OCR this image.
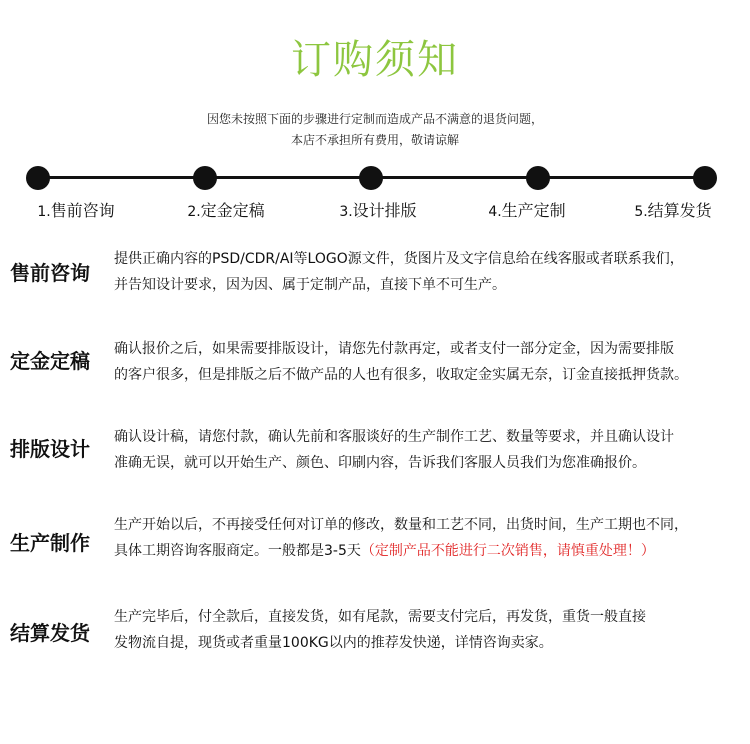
订购须知
因您未按照下面的步骤进行定制而造成产品不满意的退货问题，
本店不承担所有费用，敬请谅解
1.售前咨询	2.定金定稿	3.设计排版	4.生产定制	5.结算发货
售前咨询
提供正确内容的PSD/CDR/AI等LOGO源文件，货图片及文字信息给在线客服或者联系我们，
并告知设计要求，因为因、属于定制产品，直接下单不可生产。
定金定稿	确认报价之后，如果需要排版设计，请您先付款再定，或者支付一部分定金，因为需要排版
的客户很多，但是排版之后不做产品的人也有很多，收取定金实属无奈，订金直接抵押货款。
排版设计	确认设计稿，请您付款，确认先前和客服谈好的生产制作工艺、数量等要求，并且确认设计
准确无误，就可以开始生产、颜色、印刷内容，告诉我们客服人员我们为您准确报价。
生产制作
生产开始以后，不再接受任何对订单的修改，数量和工艺不同，出货时间，生产工期也不同，
具体工期咨询客服商定。一般都是3-5天（定制产品不能进行二次销售，请慎重处理！）
结算发货
生产完毕后，付全款后，直接发货，如有尾款，需要支付完后，再发货，重货一般直接
发物流自提，现货或者重量100KG以内的推荐发快递，详情咨询卖家。
